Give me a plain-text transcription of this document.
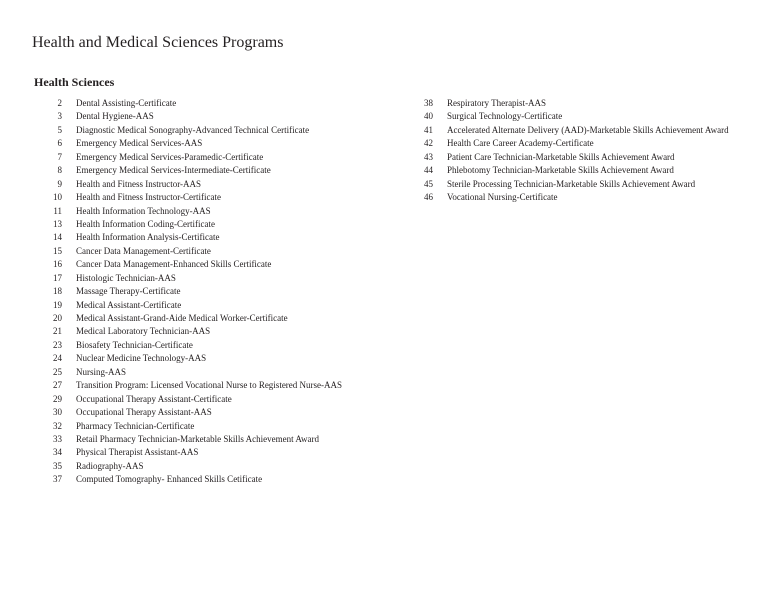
Health and Medical Sciences Programs
Health Sciences
2	Dental Assisting-Certificate
3	Dental Hygiene-AAS
5	Diagnostic Medical Sonography-Advanced Technical Certificate
6	Emergency Medical Services-AAS
7	Emergency Medical Services-Paramedic-Certificate
8	Emergency Medical Services-Intermediate-Certificate
9	Health and Fitness Instructor-AAS
10	Health and Fitness Instructor-Certificate
11	Health Information Technology-AAS
13	Health Information Coding-Certificate
14	Health Information Analysis-Certificate
15	Cancer Data Management-Certificate
16	Cancer Data Management-Enhanced Skills Certificate
17	Histologic Technician-AAS
18	Massage Therapy-Certificate
19	Medical Assistant-Certificate
20	Medical Assistant-Grand-Aide Medical Worker-Certificate
21	Medical Laboratory Technician-AAS
23	Biosafety Technician-Certificate
24	Nuclear Medicine Technology-AAS
25	Nursing-AAS
27	Transition Program: Licensed Vocational Nurse to Registered Nurse-AAS
29	Occupational Therapy Assistant-Certificate
30	Occupational Therapy Assistant-AAS
32	Pharmacy Technician-Certificate
33	Retail Pharmacy Technician-Marketable Skills Achievement Award
34	Physical Therapist Assistant-AAS
35	Radiography-AAS
37	Computed Tomography- Enhanced Skills Cetificate
38	Respiratory Therapist-AAS
40	Surgical Technology-Certificate
41	Accelerated Alternate Delivery (AAD)-Marketable Skills Achievement Award
42	Health Care Career Academy-Certificate
43	Patient Care Technician-Marketable Skills Achievement Award
44	Phlebotomy Technician-Marketable Skills Achievement Award
45	Sterile Processing Technician-Marketable Skills Achievement Award
46	Vocational Nursing-Certificate
